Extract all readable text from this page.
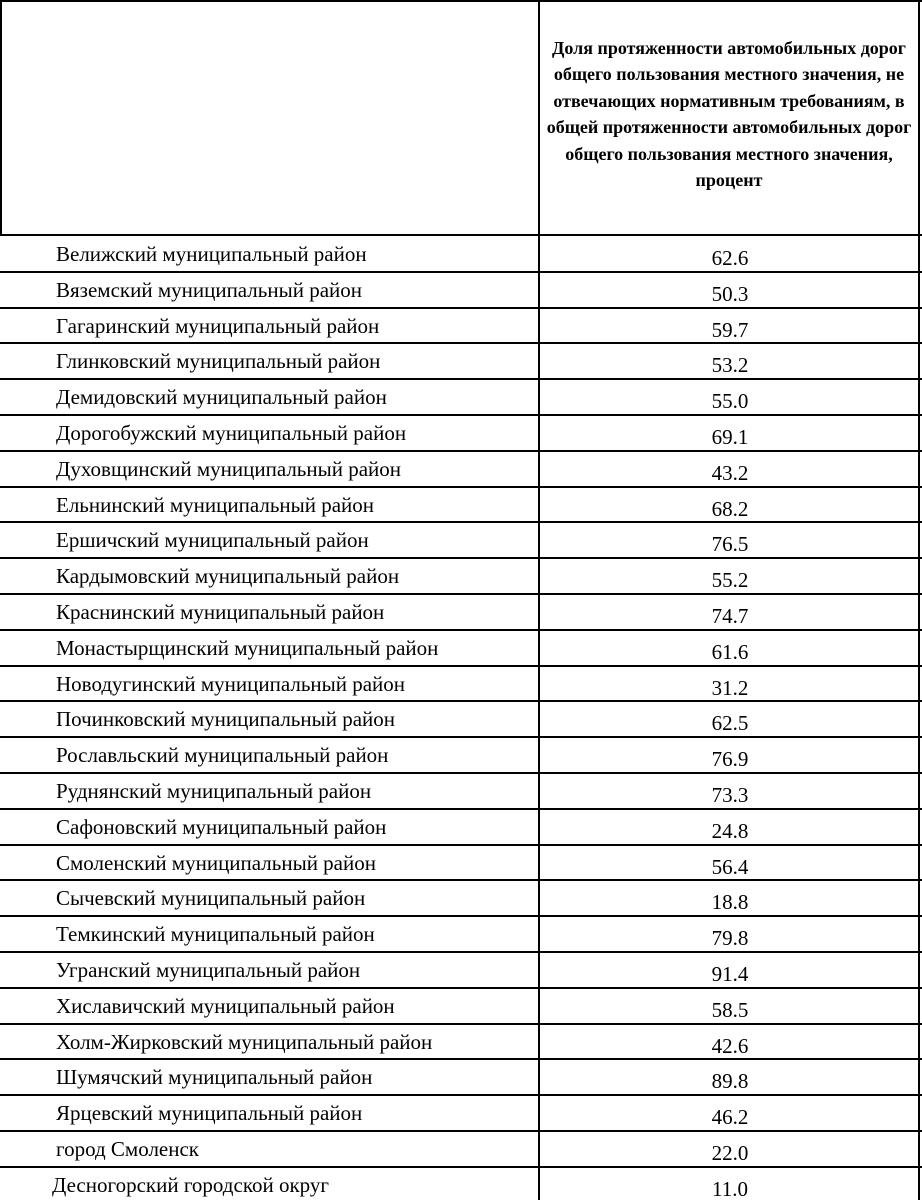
Доля протяженности автомобильных дорог общего пользования местного значения, не отвечающих нормативным требованиям, в общей протяженности автомобильных дорог общего пользования местного значения, процент
Велижский муниципальный район	62.6
Вяземский муниципальный район	50.3
Гагаринский муниципальный район	59.7
Глинковский муниципальный район	53.2
Демидовский муниципальный район	55.0
Дорогобужский муниципальный район	69.1
Духовщинский муниципальный район	43.2
Ельнинский муниципальный район	68.2
Ершичский муниципальный район	76.5
Кардымовский муниципальный район	55.2
Краснинский муниципальный район	74.7
Монастырщинский муниципальный район	61.6
Новодугинский муниципальный район	31.2
Починковский муниципальный район	62.5
Рославльский муниципальный район	76.9
Руднянский муниципальный район	73.3
Сафоновский муниципальный район	24.8
Смоленский муниципальный район	56.4
Сычевский муниципальный район	18.8
Темкинский муниципальный район	79.8
Угранский муниципальный район	91.4
Хиславичский муниципальный район	58.5
Холм-Жирковский муниципальный район	42.6
Шумячский муниципальный район	89.8
Ярцевский муниципальный район	46.2
город Смоленск	22.0
Десногорский городской округ	11.0
